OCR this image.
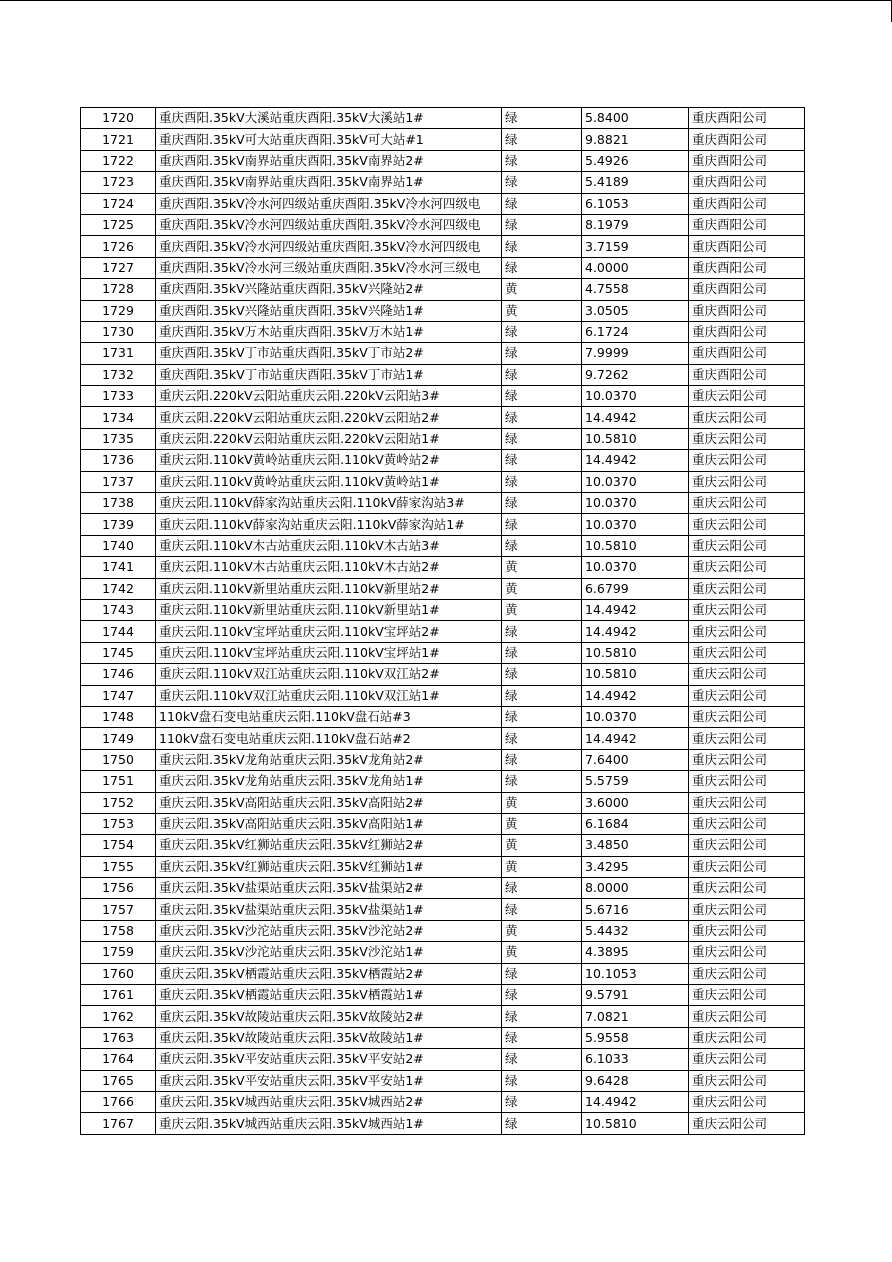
1720	重庆酉阳.35kV大溪站重庆酉阳.35kV大溪站1#	绿	5.8400	重庆酉阳公司
1721	重庆酉阳.35kV可大站重庆酉阳.35kV可大站#1	绿	9.8821	重庆酉阳公司
1722	重庆酉阳.35kV南界站重庆酉阳.35kV南界站2#	绿	5.4926	重庆酉阳公司
1723	重庆酉阳.35kV南界站重庆酉阳.35kV南界站1#	绿	5.4189	重庆酉阳公司
1724	重庆酉阳.35kV冷水河四级站重庆酉阳.35kV冷水河四级电	绿	6.1053	重庆酉阳公司
1725	重庆酉阳.35kV冷水河四级站重庆酉阳.35kV冷水河四级电	绿	8.1979	重庆酉阳公司
1726	重庆酉阳.35kV冷水河四级站重庆酉阳.35kV冷水河四级电	绿	3.7159	重庆酉阳公司
1727	重庆酉阳.35kV冷水河三级站重庆酉阳.35kV冷水河三级电	绿	4.0000	重庆酉阳公司
1728	重庆酉阳.35kV兴隆站重庆酉阳.35kV兴隆站2#	黄	4.7558	重庆酉阳公司
1729	重庆酉阳.35kV兴隆站重庆酉阳.35kV兴隆站1#	黄	3.0505	重庆酉阳公司
1730	重庆酉阳.35kV万木站重庆酉阳.35kV万木站1#	绿	6.1724	重庆酉阳公司
1731	重庆酉阳.35kV丁市站重庆酉阳.35kV丁市站2#	绿	7.9999	重庆酉阳公司
1732	重庆酉阳.35kV丁市站重庆酉阳.35kV丁市站1#	绿	9.7262	重庆酉阳公司
1733	重庆云阳.220kV云阳站重庆云阳.220kV云阳站3#	绿	10.0370	重庆云阳公司
1734	重庆云阳.220kV云阳站重庆云阳.220kV云阳站2#	绿	14.4942	重庆云阳公司
1735	重庆云阳.220kV云阳站重庆云阳.220kV云阳站1#	绿	10.5810	重庆云阳公司
1736	重庆云阳.110kV黄岭站重庆云阳.110kV黄岭站2#	绿	14.4942	重庆云阳公司
1737	重庆云阳.110kV黄岭站重庆云阳.110kV黄岭站1#	绿	10.0370	重庆云阳公司
1738	重庆云阳.110kV薛家沟站重庆云阳.110kV薛家沟站3#	绿	10.0370	重庆云阳公司
1739	重庆云阳.110kV薛家沟站重庆云阳.110kV薛家沟站1#	绿	10.0370	重庆云阳公司
1740	重庆云阳.110kV木古站重庆云阳.110kV木古站3#	绿	10.5810	重庆云阳公司
1741	重庆云阳.110kV木古站重庆云阳.110kV木古站2#	黄	10.0370	重庆云阳公司
1742	重庆云阳.110kV新里站重庆云阳.110kV新里站2#	黄	6.6799	重庆云阳公司
1743	重庆云阳.110kV新里站重庆云阳.110kV新里站1#	黄	14.4942	重庆云阳公司
1744	重庆云阳.110kV宝坪站重庆云阳.110kV宝坪站2#	绿	14.4942	重庆云阳公司
1745	重庆云阳.110kV宝坪站重庆云阳.110kV宝坪站1#	绿	10.5810	重庆云阳公司
1746	重庆云阳.110kV双江站重庆云阳.110kV双江站2#	绿	10.5810	重庆云阳公司
1747	重庆云阳.110kV双江站重庆云阳.110kV双江站1#	绿	14.4942	重庆云阳公司
1748	110kV盘石变电站重庆云阳.110kV盘石站#3	绿	10.0370	重庆云阳公司
1749	110kV盘石变电站重庆云阳.110kV盘石站#2	绿	14.4942	重庆云阳公司
1750	重庆云阳.35kV龙角站重庆云阳.35kV龙角站2#	绿	7.6400	重庆云阳公司
1751	重庆云阳.35kV龙角站重庆云阳.35kV龙角站1#	绿	5.5759	重庆云阳公司
1752	重庆云阳.35kV高阳站重庆云阳.35kV高阳站2#	黄	3.6000	重庆云阳公司
1753	重庆云阳.35kV高阳站重庆云阳.35kV高阳站1#	黄	6.1684	重庆云阳公司
1754	重庆云阳.35kV红狮站重庆云阳.35kV红狮站2#	黄	3.4850	重庆云阳公司
1755	重庆云阳.35kV红狮站重庆云阳.35kV红狮站1#	黄	3.4295	重庆云阳公司
1756	重庆云阳.35kV盐渠站重庆云阳.35kV盐渠站2#	绿	8.0000	重庆云阳公司
1757	重庆云阳.35kV盐渠站重庆云阳.35kV盐渠站1#	绿	5.6716	重庆云阳公司
1758	重庆云阳.35kV沙沱站重庆云阳.35kV沙沱站2#	黄	5.4432	重庆云阳公司
1759	重庆云阳.35kV沙沱站重庆云阳.35kV沙沱站1#	黄	4.3895	重庆云阳公司
1760	重庆云阳.35kV栖霞站重庆云阳.35kV栖霞站2#	绿	10.1053	重庆云阳公司
1761	重庆云阳.35kV栖霞站重庆云阳.35kV栖霞站1#	绿	9.5791	重庆云阳公司
1762	重庆云阳.35kV故陵站重庆云阳.35kV故陵站2#	绿	7.0821	重庆云阳公司
1763	重庆云阳.35kV故陵站重庆云阳.35kV故陵站1#	绿	5.9558	重庆云阳公司
1764	重庆云阳.35kV平安站重庆云阳.35kV平安站2#	绿	6.1033	重庆云阳公司
1765	重庆云阳.35kV平安站重庆云阳.35kV平安站1#	绿	9.6428	重庆云阳公司
1766	重庆云阳.35kV城西站重庆云阳.35kV城西站2#	绿	14.4942	重庆云阳公司
1767	重庆云阳.35kV城西站重庆云阳.35kV城西站1#	绿	10.5810	重庆云阳公司
